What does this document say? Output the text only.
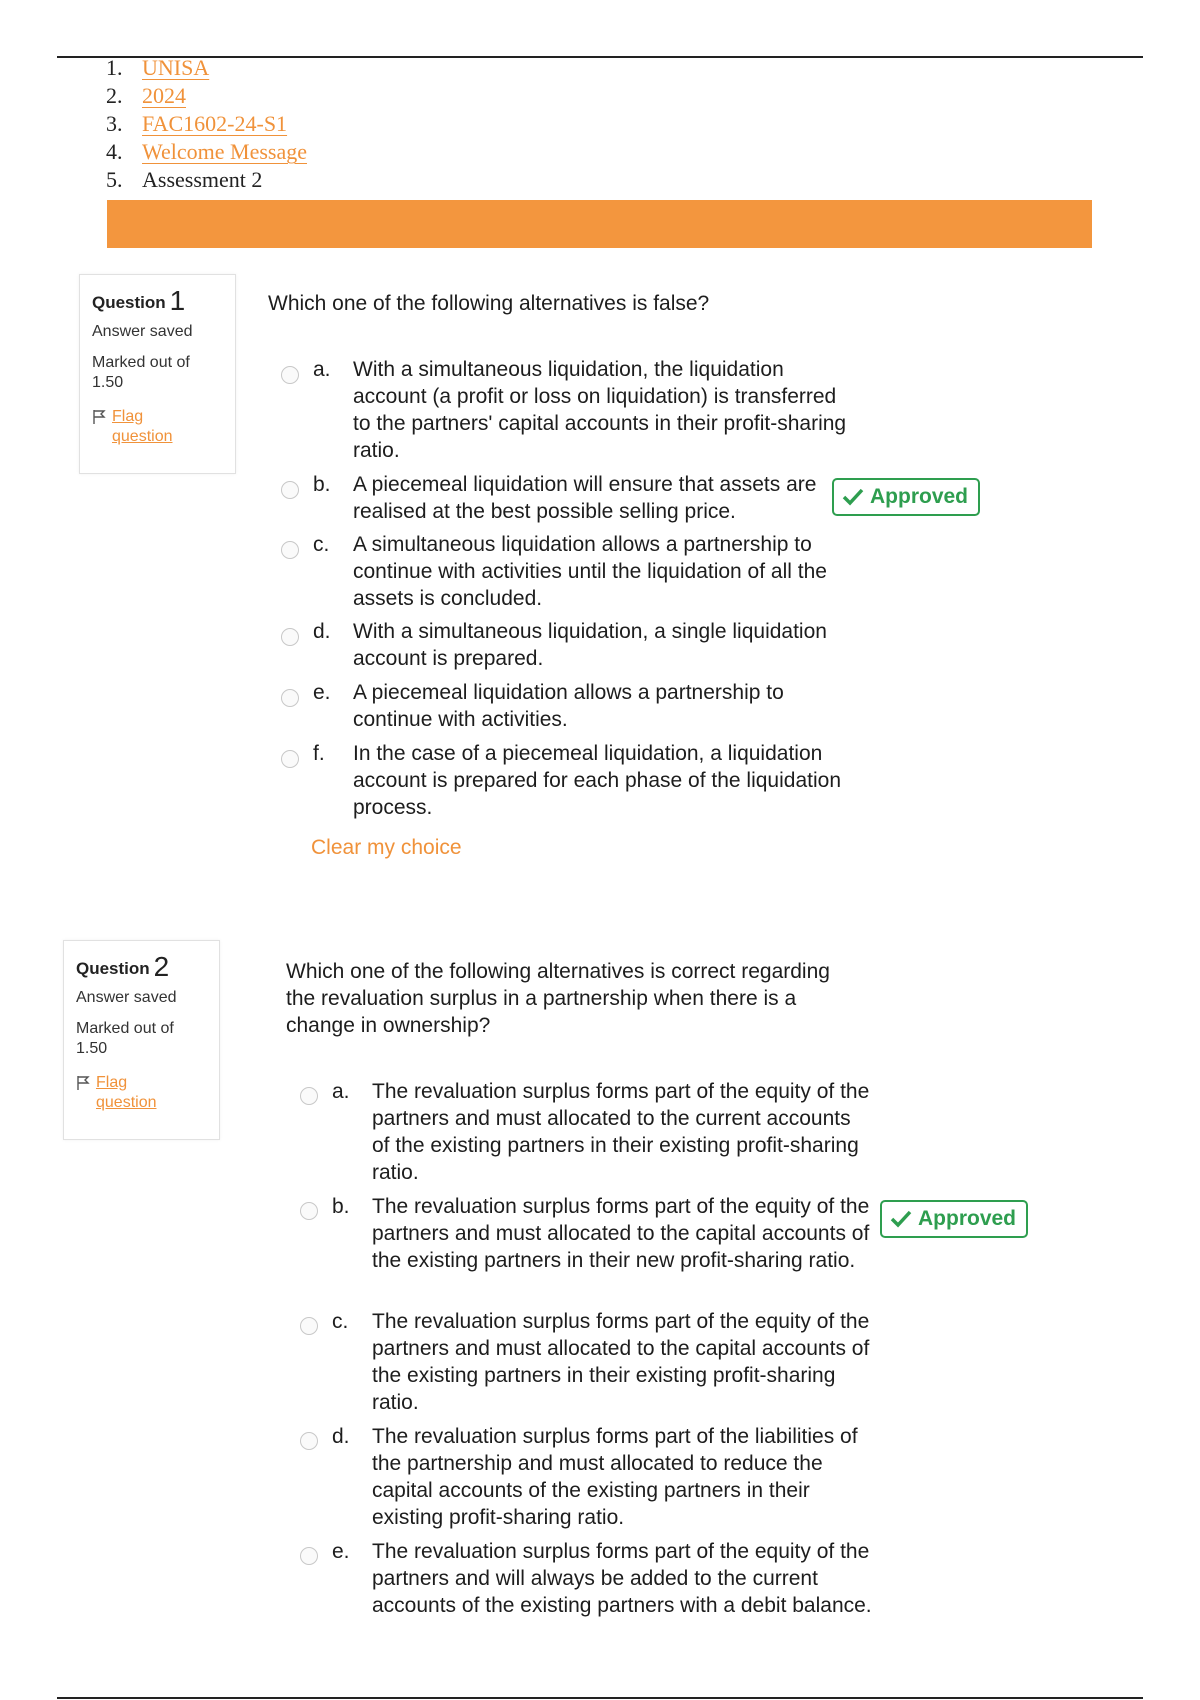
1. UNISA
2. 2024
3. FAC1602-24-S1
4. Welcome Message
5. Assessment 2
Question 1
Answer saved
Marked out of 1.50
Flag question
Which one of the following alternatives is false?
a.	With a simultaneous liquidation, the liquidation account (a profit or loss on liquidation) is transferred to the partners' capital accounts in their profit-sharing ratio.
b.	A piecemeal liquidation will ensure that assets are realised at the best possible selling price.
Approved
c.	A simultaneous liquidation allows a partnership to continue with activities until the liquidation of all the assets is concluded.
d.	With a simultaneous liquidation, a single liquidation account is prepared.
e.	A piecemeal liquidation allows a partnership to continue with activities.
f.	In the case of a piecemeal liquidation, a liquidation account is prepared for each phase of the liquidation process.
Clear my choice
Question 2
Answer saved
Marked out of 1.50
Flag question
Which one of the following alternatives is correct regarding the revaluation surplus in a partnership when there is a change in ownership?
a.	The revaluation surplus forms part of the equity of the partners and must allocated to the current accounts of the existing partners in their existing profit-sharing ratio.
b.	The revaluation surplus forms part of the equity of the partners and must allocated to the capital accounts of the existing partners in their new profit-sharing ratio.
Approved
c.	The revaluation surplus forms part of the equity of the partners and must allocated to the capital accounts of the existing partners in their existing profit-sharing ratio.
d.	The revaluation surplus forms part of the liabilities of the partnership and must allocated to reduce the capital accounts of the existing partners in their existing profit-sharing ratio.
e.	The revaluation surplus forms part of the equity of the partners and will always be added to the current accounts of the existing partners with a debit balance.
